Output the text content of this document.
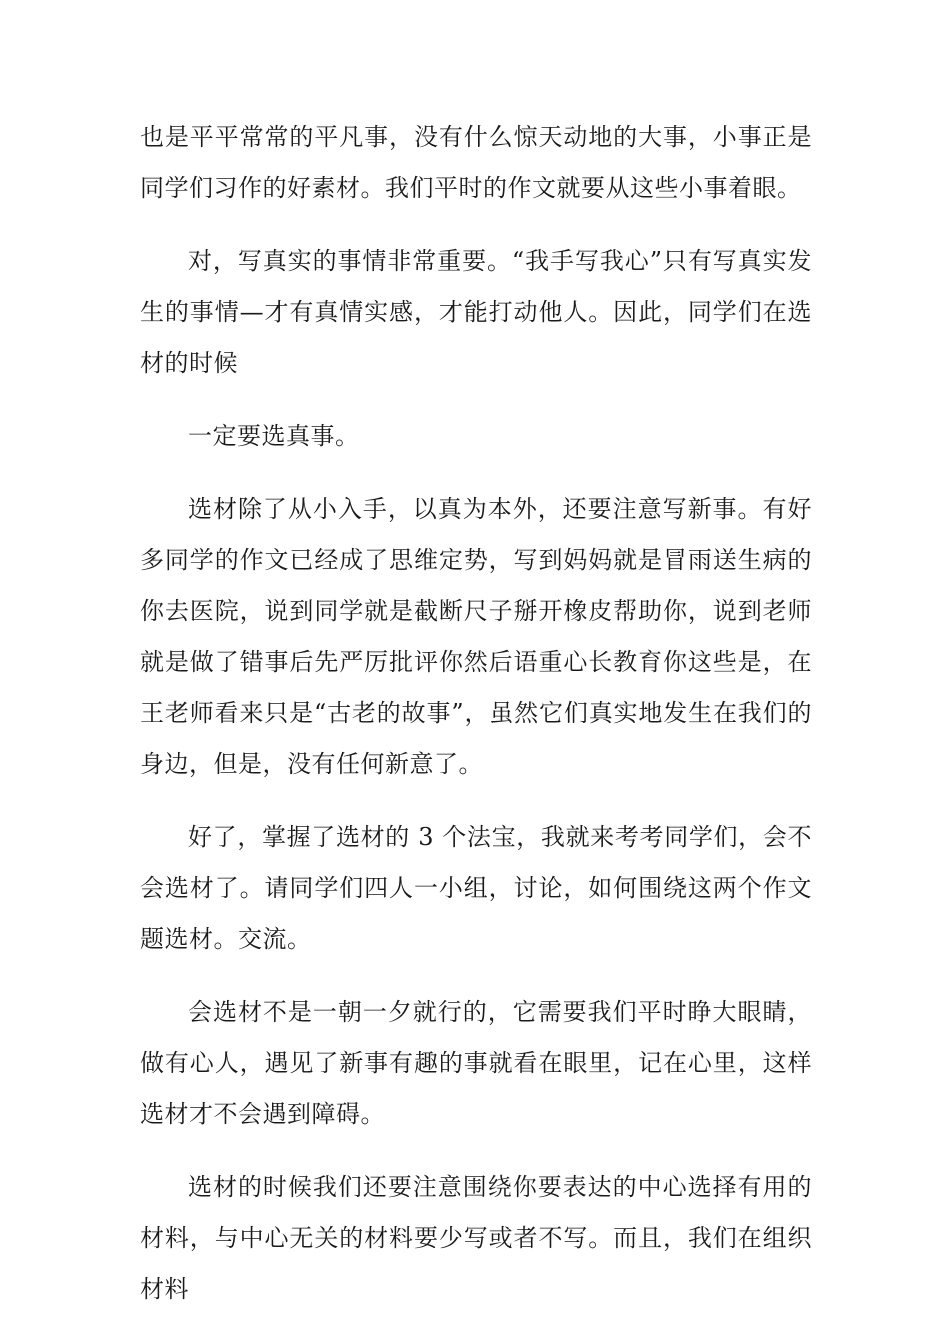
也是平平常常的平凡事，没有什么惊天动地的大事，小事正是同学们习作的好素材。我们平时的作文就要从这些小事着眼。

对，写真实的事情非常重要。“我手写我心”只有写真实发生的事情—才有真情实感，才能打动他人。因此，同学们在选材的时候

一定要选真事。

选材除了从小入手，以真为本外，还要注意写新事。有好多同学的作文已经成了思维定势，写到妈妈就是冒雨送生病的你去医院，说到同学就是截断尺子掰开橡皮帮助你，说到老师就是做了错事后先严厉批评你然后语重心长教育你这些是，在王老师看来只是“古老的故事”，虽然它们真实地发生在我们的身边，但是，没有任何新意了。

好了，掌握了选材的 3 个法宝，我就来考考同学们，会不会选材了。请同学们四人一小组，讨论，如何围绕这两个作文题选材。交流。

会选材不是一朝一夕就行的，它需要我们平时睁大眼睛，做有心人，遇见了新事有趣的事就看在眼里，记在心里，这样选材才不会遇到障碍。

选材的时候我们还要注意围绕你要表达的中心选择有用的材料，与中心无关的材料要少写或者不写。而且，我们在组织材料
